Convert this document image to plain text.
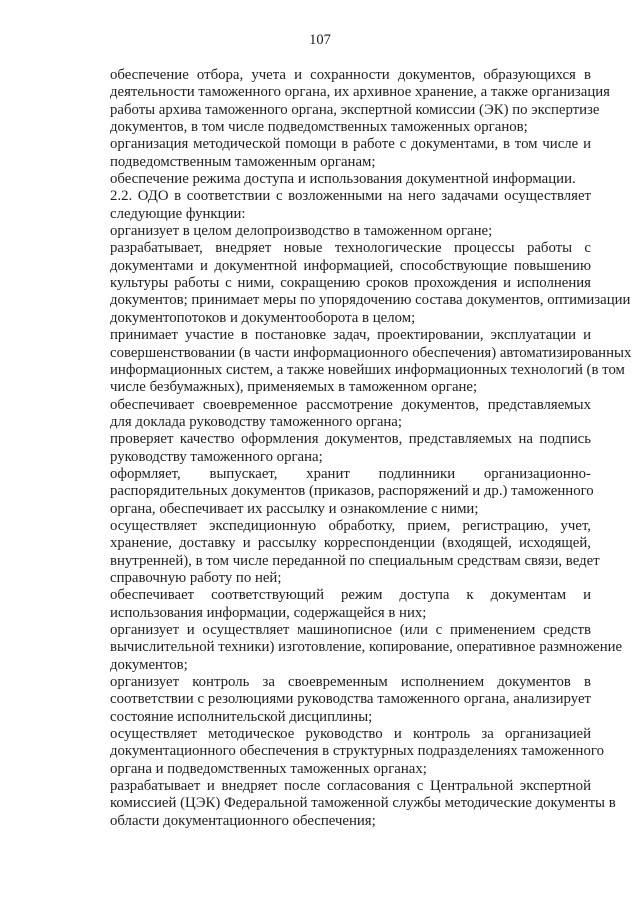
107

обеспечение отбора, учета и сохранности документов, образующихся в
деятельности таможенного органа, их архивное хранение, а также организация
работы архива таможенного органа, экспертной комиссии (ЭК) по экспертизе
документов, в том числе подведомственных таможенных органов;

организация методической помощи в работе с документами, в том числе и
подведомственным таможенным органам;

обеспечение режима доступа и использования документной информации.

2.2. ОДО в соответствии с возложенными на него задачами осуществляет
следующие функции:

организует в целом делопроизводство в таможенном органе;

разрабатывает, внедряет новые технологические процессы работы с
документами и документной информацией, способствующие повышению
культуры работы с ними, сокращению сроков прохождения и исполнения
документов; принимает меры по упорядочению состава документов, оптимизации
документопотоков и документооборота в целом;

принимает участие в постановке задач, проектировании, эксплуатации и
совершенствовании (в части информационного обеспечения) автоматизированных
информационных систем, а также новейших информационных технологий (в том
числе безбумажных), применяемых в таможенном органе;

обеспечивает своевременное рассмотрение документов, представляемых
для доклада руководству таможенного органа;

проверяет качество оформления документов, представляемых на подпись
руководству таможенного органа;

оформляет, выпускает, хранит подлинники организационно-
распорядительных документов (приказов, распоряжений и др.) таможенного
органа, обеспечивает их рассылку и ознакомление с ними;

осуществляет экспедиционную обработку, прием, регистрацию, учет,
хранение, доставку и рассылку корреспонденции (входящей, исходящей,
внутренней), в том числе переданной по специальным средствам связи, ведет
справочную работу по ней;

обеспечивает соответствующий режим доступа к документам и
использования информации, содержащейся в них;

организует и осуществляет машинописное (или с применением средств
вычислительной техники) изготовление, копирование, оперативное размножение
документов;

организует контроль за своевременным исполнением документов в
соответствии с резолюциями руководства таможенного органа, анализирует
состояние исполнительской дисциплины;

осуществляет методическое руководство и контроль за организацией
документационного обеспечения в структурных подразделениях таможенного
органа и подведомственных таможенных органах;

разрабатывает и внедряет после согласования с Центральной экспертной
комиссией (ЦЭК) Федеральной таможенной службы методические документы в
области документационного обеспечения;
